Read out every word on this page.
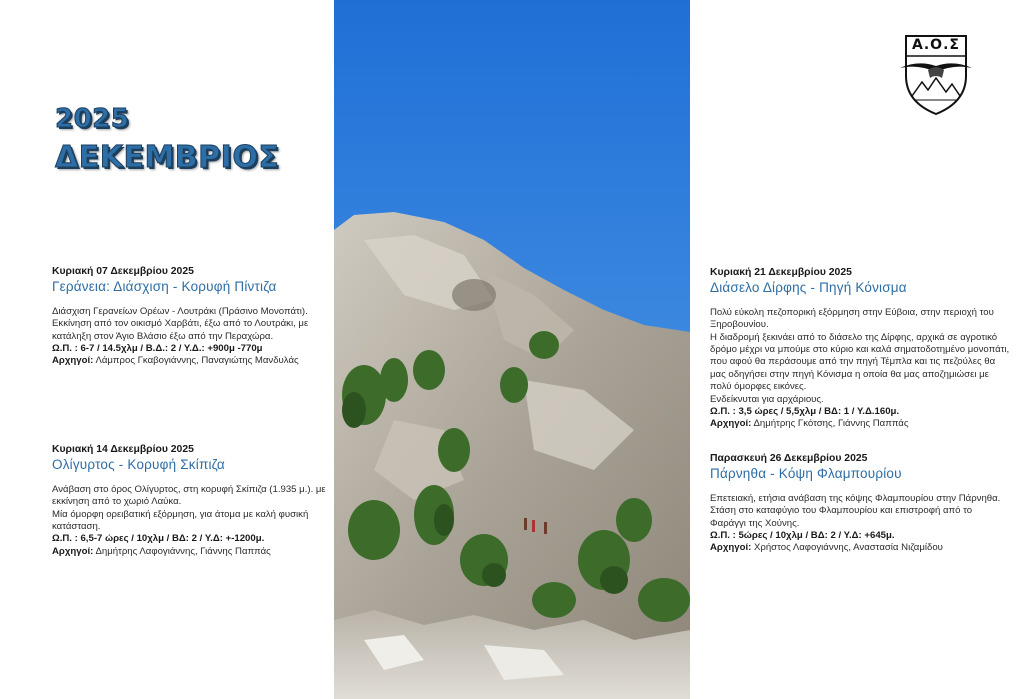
2025
ΔΕΚΕΜΒΡΙΟΣ
Α.Ο.Σ
Κυριακή 07 Δεκεμβρίου 2025
Γεράνεια: Διάσχιση - Κορυφή Πίντιζα
Διάσχιση Γερανείων Ορέων - Λουτράκι (Πράσινο Μονοπάτι).
Εκκίνηση από τον οικισμό Χαρβάτι, έξω από το Λουτράκι, με κατάληξη στον Άγιο Βλάσιο έξω από την Περαχώρα.
Ω.Π. : 6-7 / 14.5χλμ / Β.Δ.: 2 / Υ.Δ.: +900μ -770μ
Αρχηγοί: Λάμπρος Γκαβογιάννης, Παναγιώτης Μανδυλάς
Κυριακή 14 Δεκεμβρίου 2025
Ολίγυρτος - Κορυφή Σκίπιζα
Ανάβαση στο όρος Ολίγυρτος, στη κορυφή Σκίπιζα (1.935 μ.). με εκκίνηση από το χωριό Λαύκα.
Μία όμορφη ορειβατική εξόρμηση, για άτομα με καλή φυσική κατάσταση.
Ω.Π. : 6,5-7 ώρες / 10χλμ / ΒΔ: 2 / Υ.Δ: +-1200μ.
Αρχηγοί: Δημήτρης Λαφογιάννης, Γιάννης Παππάς
Κυριακή 21 Δεκεμβρίου 2025
Διάσελο Δίρφης - Πηγή Κόνισμα
Πολύ εύκολη πεζοπορική εξόρμηση στην Εύβοια, στην περιοχή του Ξηροβουνίου.
Η διαδρομή ξεκινάει από το διάσελο της Δίρφης, αρχικά σε αγροτικό δρόμο μέχρι να μπούμε στο κύριο και καλά σηματοδοτημένο μονοπάτι, που αφού θα περάσουμε από την πηγή Τέμπλα και τις πεζούλες θα μας οδηγήσει στην πηγή Κόνισμα η οποία θα μας αποζημιώσει με πολύ όμορφες εικόνες.
Ενδείκνυται για αρχάριους.
Ω.Π. : 3,5 ώρες / 5,5χλμ / ΒΔ: 1 / Υ.Δ.160μ.
Αρχηγοί: Δημήτρης Γκότσης, Γιάννης Παππάς
Παρασκευή 26 Δεκεμβρίου 2025
Πάρνηθα - Κόψη Φλαμπουρίου
Επετειακή, ετήσια ανάβαση της κόψης Φλαμπουρίου στην Πάρνηθα.
Στάση στο καταφύγιο του Φλαμπουρίου και επιστροφή από το Φαράγγι της Χούνης.
Ω.Π. : 5ώρες / 10χλμ / ΒΔ: 2 / Υ.Δ: +645μ.
Αρχηγοί: Χρήστος Λαφογιάννης, Αναστασία Νιζαμίδου
